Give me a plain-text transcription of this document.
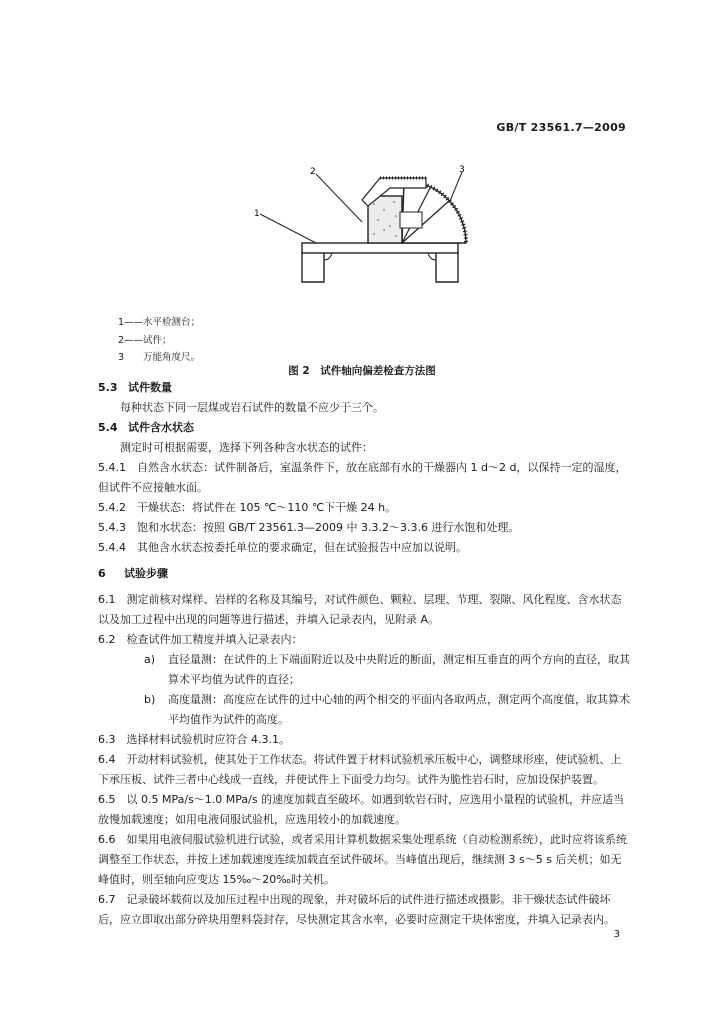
GB/T 23561.7—2009
1
2	3
1——水平检测台；
2——试件；
3　　万能角度尺。
图 2　试件轴向偏差检查方法图

5.3 试件数量

每种状态下同一层煤或岩石试件的数量不应少于三个。

5.4 试件含水状态

测定时可根据需要，选择下列各种含水状态的试件：

5.4.1　 自然含水状态：试件制备后，室温条件下，放在底部有水的干燥器内 1 d～2 d，以保持一定的湿度，但试件不应接触水面。

5.4.2　 干燥状态：将试件在 105 ℃～110 ℃下干燥 24 h。

5.4.3　 饱和水状态：按照 GB/T 23561.3—2009 中 3.3.2～3.3.6 进行水饱和处理。

5.4.4　 其他含水状态按委托单位的要求确定，但在试验报告中应加以说明。

6 试验步骤

6.1　 测定前核对煤样、岩样的名称及其编号，对试件颜色、颗粒、层理、节理、裂隙、风化程度、含水状态以及加工过程中出现的问题等进行描述，并填入记录表内，见附录 A。

6.2　 检查试件加工精度并填入记录表内：

a) 直径量测：在试件的上下端面附近以及中央附近的断面，测定相互垂直的两个方向的直径，取其算术平均值为试件的直径；

b) 高度量测：高度应在试件的过中心轴的两个相交的平面内各取两点，测定两个高度值，取其算术平均值作为试件的高度。

6.3　 选择材料试验机时应符合 4.3.1。

6.4　 开动材料试验机，使其处于工作状态。将试件置于材料试验机承压板中心，调整球形座，使试验机、上下承压板、试件三者中心线成一直线，并使试件上下面受力均匀。试件为脆性岩石时，应加设保护装置。

6.5　 以 0.5 MPa/s～1.0 MPa/s 的速度加载直至破坏。如遇到软岩石时，应选用小量程的试验机，并应适当放慢加载速度；如用电液伺服试验机，应选用较小的加载速度。

6.6　 如果用电液伺服试验机进行试验，或者采用计算机数据采集处理系统（自动检测系统），此时应将该系统调整至工作状态，并按上述加载速度连续加载直至试件破坏。当峰值出现后，继续测 3 s～5 s 后关机；如无峰值时，则至轴向应变达 15‰～20‰时关机。

6.7　 记录破坏载荷以及加压过程中出现的现象，并对破坏后的试件进行描述或摄影。非干燥状态试件破坏后，应立即取出部分碎块用塑料袋封存，尽快测定其含水率，必要时应测定干块体密度，并填入记录表内。

3
